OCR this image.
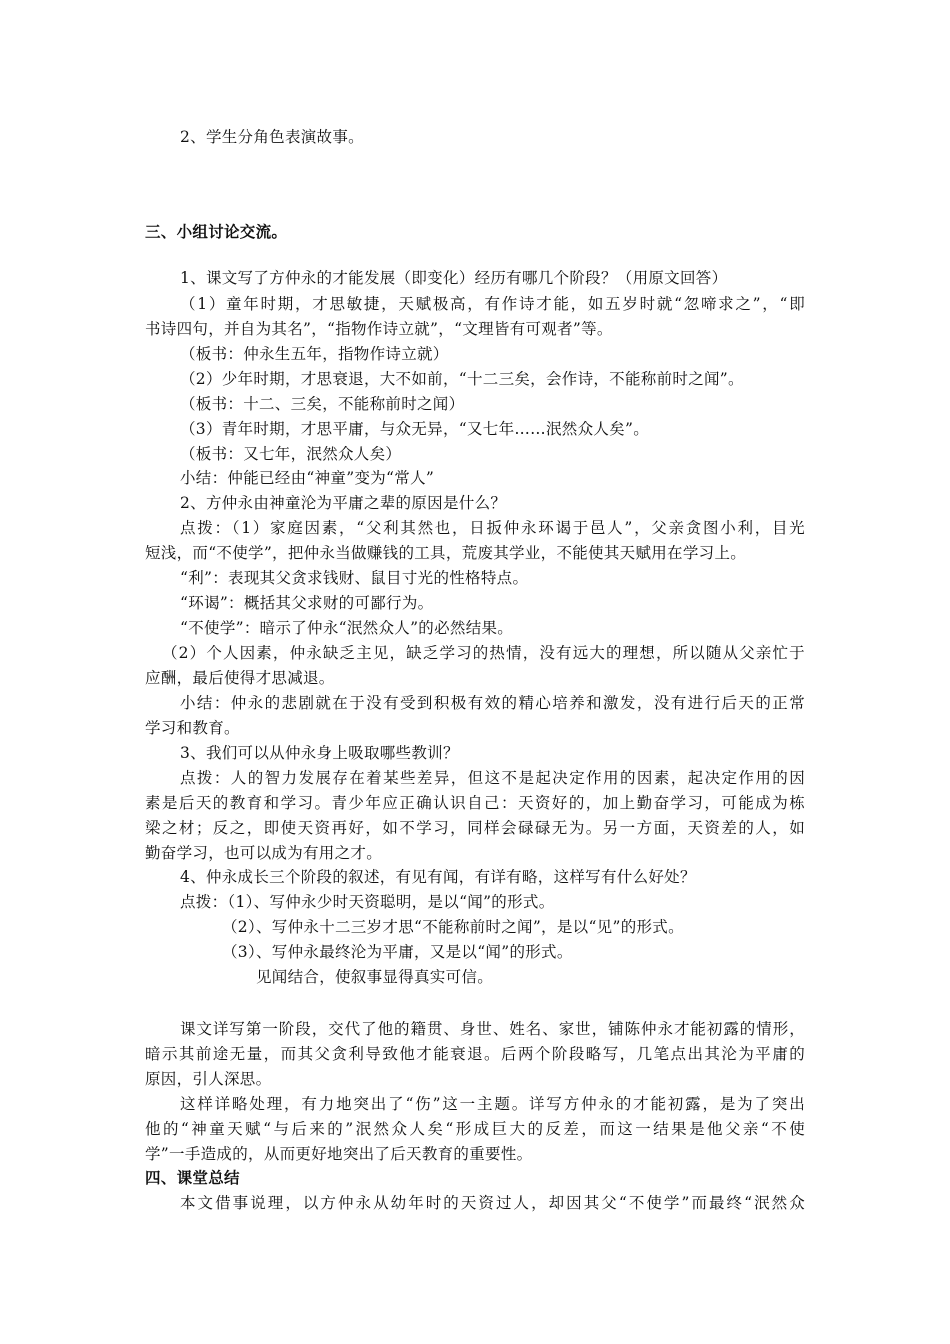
2、学生分角色表演故事。
三、小组讨论交流。
1、课文写了方仲永的才能发展（即变化）经历有哪几个阶段？（用原文回答）
（1）童年时期，才思敏捷，天赋极高，有作诗才能，如五岁时就“忽啼求之”，“即
书诗四句，并自为其名”，“指物作诗立就”，“文理皆有可观者”等。
（板书：仲永生五年，指物作诗立就）
（2）少年时期，才思衰退，大不如前，“十二三矣，会作诗，不能称前时之闻”。
（板书：十二、三矣，不能称前时之闻）
（3）青年时期，才思平庸，与众无异，“又七年……泯然众人矣”。
（板书：又七年，泯然众人矣）
小结：仲能已经由“神童”变为“常人”
2、方仲永由神童沦为平庸之辈的原因是什么？
点拨：（1）家庭因素，“父利其然也，日扳仲永环谒于邑人”，父亲贪图小利，目光
短浅，而“不使学”，把仲永当做赚钱的工具，荒废其学业，不能使其天赋用在学习上。
“利”：表现其父贪求钱财、鼠目寸光的性格特点。
“环谒”：概括其父求财的可鄙行为。
“不使学”：暗示了仲永“泯然众人”的必然结果。
（2）个人因素，仲永缺乏主见，缺乏学习的热情，没有远大的理想，所以随从父亲忙于
应酬，最后使得才思减退。
小结：仲永的悲剧就在于没有受到积极有效的精心培养和激发，没有进行后天的正常
学习和教育。
3、我们可以从仲永身上吸取哪些教训？
点拨：人的智力发展存在着某些差异，但这不是起决定作用的因素，起决定作用的因
素是后天的教育和学习。青少年应正确认识自己：天资好的，加上勤奋学习，可能成为栋
梁之材；反之，即使天资再好，如不学习，同样会碌碌无为。另一方面，天资差的人，如
勤奋学习，也可以成为有用之才。
4、仲永成长三个阶段的叙述，有见有闻，有详有略，这样写有什么好处？
点拨：（1）、写仲永少时天资聪明，是以“闻”的形式。
（2）、写仲永十二三岁才思“不能称前时之闻”，是以“见”的形式。
（3）、写仲永最终沦为平庸，又是以“闻”的形式。
见闻结合，使叙事显得真实可信。
课文详写第一阶段，交代了他的籍贯、身世、姓名、家世，铺陈仲永才能初露的情形，
暗示其前途无量，而其父贪利导致他才能衰退。后两个阶段略写，几笔点出其沦为平庸的
原因，引人深思。
这样详略处理，有力地突出了“伤”这一主题。详写方仲永的才能初露，是为了突出
他的“神童天赋“与后来的”泯然众人矣“形成巨大的反差，而这一结果是他父亲“不使
学”一手造成的，从而更好地突出了后天教育的重要性。
四、课堂总结
本文借事说理，以方仲永从幼年时的天资过人，却因其父“不使学”而最终“泯然众
